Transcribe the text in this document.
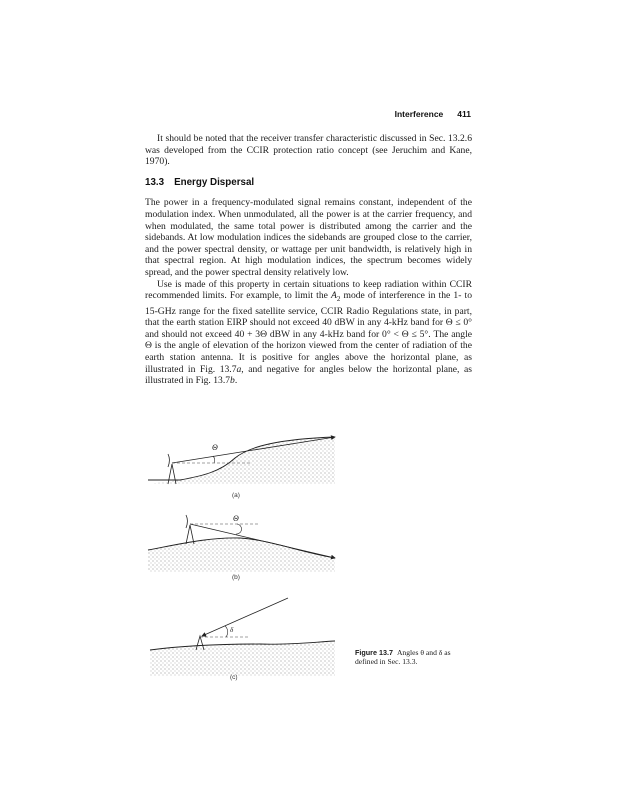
Interference 411

It should be noted that the receiver transfer characteristic discussed in Sec. 13.2.6 was developed from the CCIR protection ratio concept (see Jeruchim and Kane, 1970).

13.3 Energy Dispersal

The power in a frequency-modulated signal remains constant, independent of the modulation index. When unmodulated, all the power is at the carrier frequency, and when modulated, the same total power is distributed among the carrier and the sidebands. At low modulation indices the sidebands are grouped close to the carrier, and the power spectral density, or wattage per unit bandwidth, is relatively high in that spectral region. At high modulation indices, the spectrum becomes widely spread, and the power spectral density relatively low.

Use is made of this property in certain situations to keep radiation within CCIR recommended limits. For example, to limit the $A_2$ mode of interference in the 1- to 15-GHz range for the fixed satellite service, CCIR Radio Regulations state, in part, that the earth station EIRP should not exceed 40 dBW in any 4-kHz band for Θ ≤ 0° and should not exceed 40 + 3Θ dBW in any 4-kHz band for 0° < Θ ≤ 5°. The angle Θ is the angle of elevation of the horizon viewed from the center of radiation of the earth station antenna. It is positive for angles above the horizontal plane, as illustrated in Fig. 13.7a, and negative for angles below the horizontal plane, as illustrated in Fig. 13.7b.

Θ
Θ
δ
(a)
(b)
(c)
Figure 13.7 Angles θ and δ as defined in Sec. 13.3.
